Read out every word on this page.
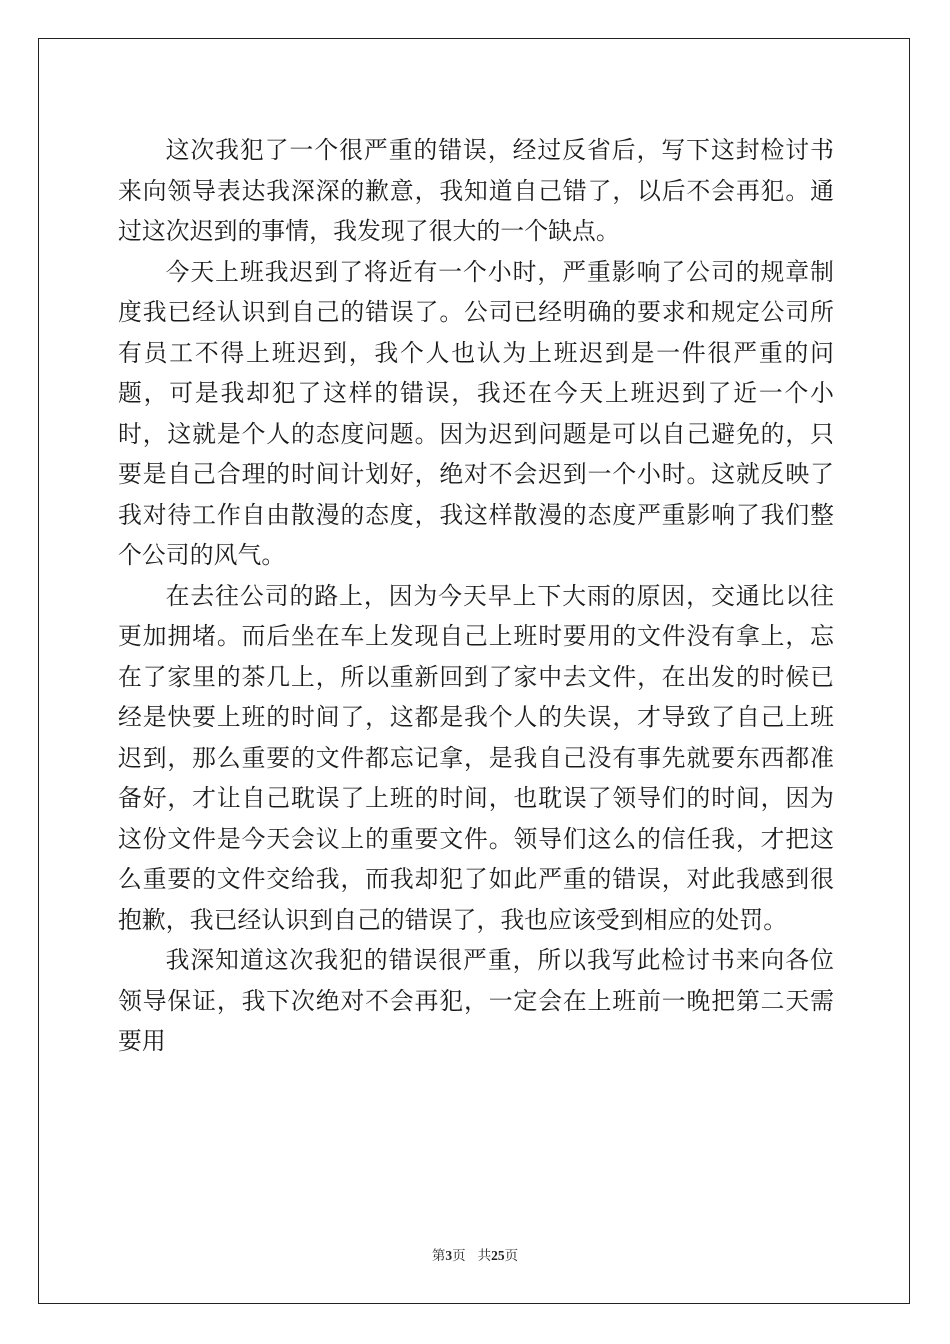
这次我犯了一个很严重的错误，经过反省后，写下这封检讨书来向领导表达我深深的歉意，我知道自己错了，以后不会再犯。通过这次迟到的事情，我发现了很大的一个缺点。

今天上班我迟到了将近有一个小时，严重影响了公司的规章制度我已经认识到自己的错误了。公司已经明确的要求和规定公司所有员工不得上班迟到，我个人也认为上班迟到是一件很严重的问题，可是我却犯了这样的错误，我还在今天上班迟到了近一个小时，这就是个人的态度问题。因为迟到问题是可以自己避免的，只要是自己合理的时间计划好，绝对不会迟到一个小时。这就反映了我对待工作自由散漫的态度，我这样散漫的态度严重影响了我们整个公司的风气。

在去往公司的路上，因为今天早上下大雨的原因，交通比以往更加拥堵。而后坐在车上发现自己上班时要用的文件没有拿上，忘在了家里的茶几上，所以重新回到了家中去文件，在出发的时候已经是快要上班的时间了，这都是我个人的失误，才导致了自己上班迟到，那么重要的文件都忘记拿，是我自己没有事先就要东西都准备好，才让自己耽误了上班的时间，也耽误了领导们的时间，因为这份文件是今天会议上的重要文件。领导们这么的信任我，才把这么重要的文件交给我，而我却犯了如此严重的错误，对此我感到很抱歉，我已经认识到自己的错误了，我也应该受到相应的处罚。

我深知道这次我犯的错误很严重，所以我写此检讨书来向各位领导保证，我下次绝对不会再犯，一定会在上班前一晚把第二天需要用

第3页 共25页
